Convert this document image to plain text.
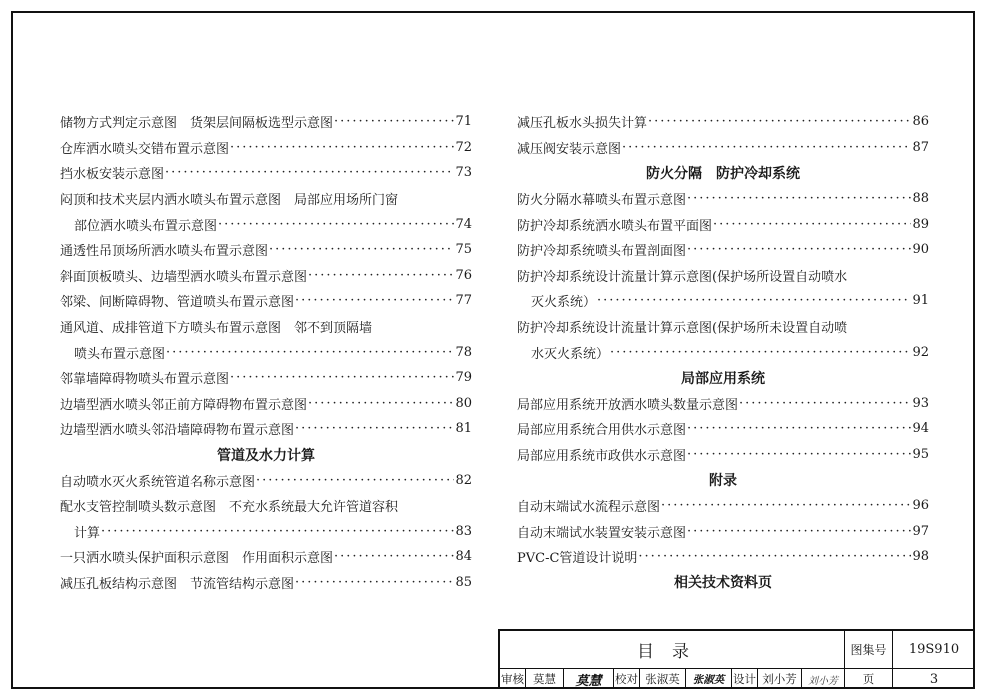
储物方式判定示意图　货架层间隔板选型示意图 ·····	71
仓库洒水喷头交错布置示意图 ·····	72
挡水板安装示意图 ·····	73
闷顶和技术夹层内洒水喷头布置示意图　局部应用场所门窗
部位洒水喷头布置示意图 ·····	74
通透性吊顶场所洒水喷头布置示意图 ·····	75
斜面顶板喷头、边墙型洒水喷头布置示意图 ·····	76
邻梁、间断障碍物、管道喷头布置示意图 ·····	77
通风道、成排管道下方喷头布置示意图　邻不到顶隔墙
喷头布置示意图 ·····	78
邻靠墙障碍物喷头布置示意图 ·····	79
边墙型洒水喷头邻正前方障碍物布置示意图 ·····	80
边墙型洒水喷头邻沿墙障碍物布置示意图 ·····	81
管道及水力计算
自动喷水灭火系统管道名称示意图 ·····	82
配水支管控制喷头数示意图　不充水系统最大允许管道容积
计算 ·····	83
一只洒水喷头保护面积示意图　作用面积示意图 ·····	84
减压孔板结构示意图　节流管结构示意图 ·····	85
减压孔板水头损失计算 ·····	86
减压阀安装示意图 ·····	87
防火分隔　防护冷却系统
防火分隔水幕喷头布置示意图 ·····	88
防护冷却系统洒水喷头布置平面图 ·····	89
防护冷却系统喷头布置剖面图 ·····	90
防护冷却系统设计流量计算示意图(保护场所设置自动喷水
灭火系统） ·····	91
防护冷却系统设计流量计算示意图(保护场所未设置自动喷
水灭火系统） ·····	92
局部应用系统
局部应用系统开放洒水喷头数量示意图 ·····	93
局部应用系统合用供水示意图 ·····	94
局部应用系统市政供水示意图 ·····	95
附录
自动末端试水流程示意图 ·····	96
自动末端试水装置安装示意图 ·····	97
PVC-C管道设计说明 ·····	98
相关技术资料页
目录	图集号	19S910
审核 莫慧	莫慧	校对 张淑英	张淑英 设计 刘小芳	刘小芳	页	3
